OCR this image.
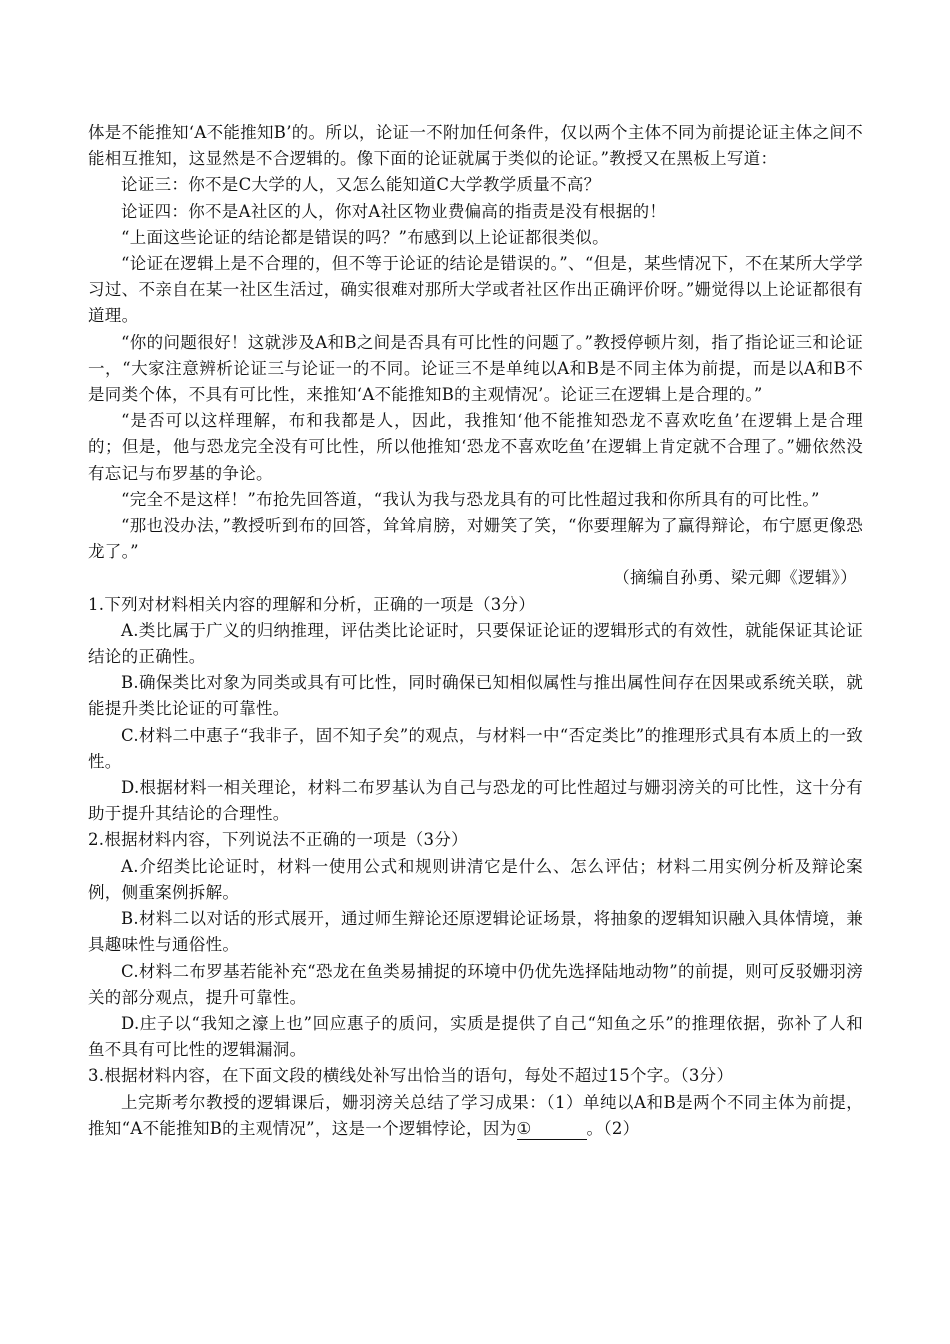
体是不能推知‘A不能推知B’的。所以，论证一不附加任何条件，仅以两个主体不同为前提论证主体之间不能相互推知，这显然是不合逻辑的。像下面的论证就属于类似的论证。”教授又在黑板上写道：

论证三：你不是C大学的人，又怎么能知道C大学教学质量不高？

论证四：你不是A社区的人，你对A社区物业费偏高的指责是没有根据的！

“上面这些论证的结论都是错误的吗？”布感到以上论证都很类似。

“论证在逻辑上是不合理的，但不等于论证的结论是错误的。”、“但是，某些情况下，不在某所大学学习过、不亲自在某一社区生活过，确实很难对那所大学或者社区作出正确评价呀。”姗觉得以上论证都很有道理。

“你的问题很好！这就涉及A和B之间是否具有可比性的问题了。”教授停顿片刻，指了指论证三和论证一，“大家注意辨析论证三与论证一的不同。论证三不是单纯以A和B是不同主体为前提，而是以A和B不是同类个体，不具有可比性，来推知‘A不能推知B的主观情况’。论证三在逻辑上是合理的。”

“是否可以这样理解，布和我都是人，因此，我推知‘他不能推知恐龙不喜欢吃鱼’在逻辑上是合理的；但是，他与恐龙完全没有可比性，所以他推知‘恐龙不喜欢吃鱼’在逻辑上肯定就不合理了。”姗依然没有忘记与布罗基的争论。

“完全不是这样！”布抢先回答道，“我认为我与恐龙具有的可比性超过我和你所具有的可比性。”

“那也没办法，”教授听到布的回答，耸耸肩膀，对姗笑了笑，“你要理解为了赢得辩论，布宁愿更像恐龙了。”

（摘编自孙勇、梁元卿《逻辑》）

1.下列对材料相关内容的理解和分析，正确的一项是（3分）

A.类比属于广义的归纳推理，评估类比论证时，只要保证论证的逻辑形式的有效性，就能保证其论证结论的正确性。

B.确保类比对象为同类或具有可比性，同时确保已知相似属性与推出属性间存在因果或系统关联，就能提升类比论证的可靠性。

C.材料二中惠子“我非子，固不知子矣”的观点，与材料一中“否定类比”的推理形式具有本质上的一致性。

D.根据材料一相关理论，材料二布罗基认为自己与恐龙的可比性超过与姗羽滂关的可比性，这十分有助于提升其结论的合理性。

2.根据材料内容，下列说法不正确的一项是（3分）

A.介绍类比论证时，材料一使用公式和规则讲清它是什么、怎么评估；材料二用实例分析及辩论案例，侧重案例拆解。

B.材料二以对话的形式展开，通过师生辩论还原逻辑论证场景，将抽象的逻辑知识融入具体情境，兼具趣味性与通俗性。

C.材料二布罗基若能补充“恐龙在鱼类易捕捉的环境中仍优先选择陆地动物”的前提，则可反驳姗羽滂关的部分观点，提升可靠性。

D.庄子以“我知之濠上也”回应惠子的质问，实质是提供了自己“知鱼之乐”的推理依据，弥补了人和鱼不具有可比性的逻辑漏洞。

3.根据材料内容，在下面文段的横线处补写出恰当的语句，每处不超过15个字。（3分）

上完斯考尔教授的逻辑课后，姗羽滂关总结了学习成果：（1）单纯以A和B是两个不同主体为前提，推知“A不能推知B的主观情况”，这是一个逻辑悖论，因为①	。（2）
